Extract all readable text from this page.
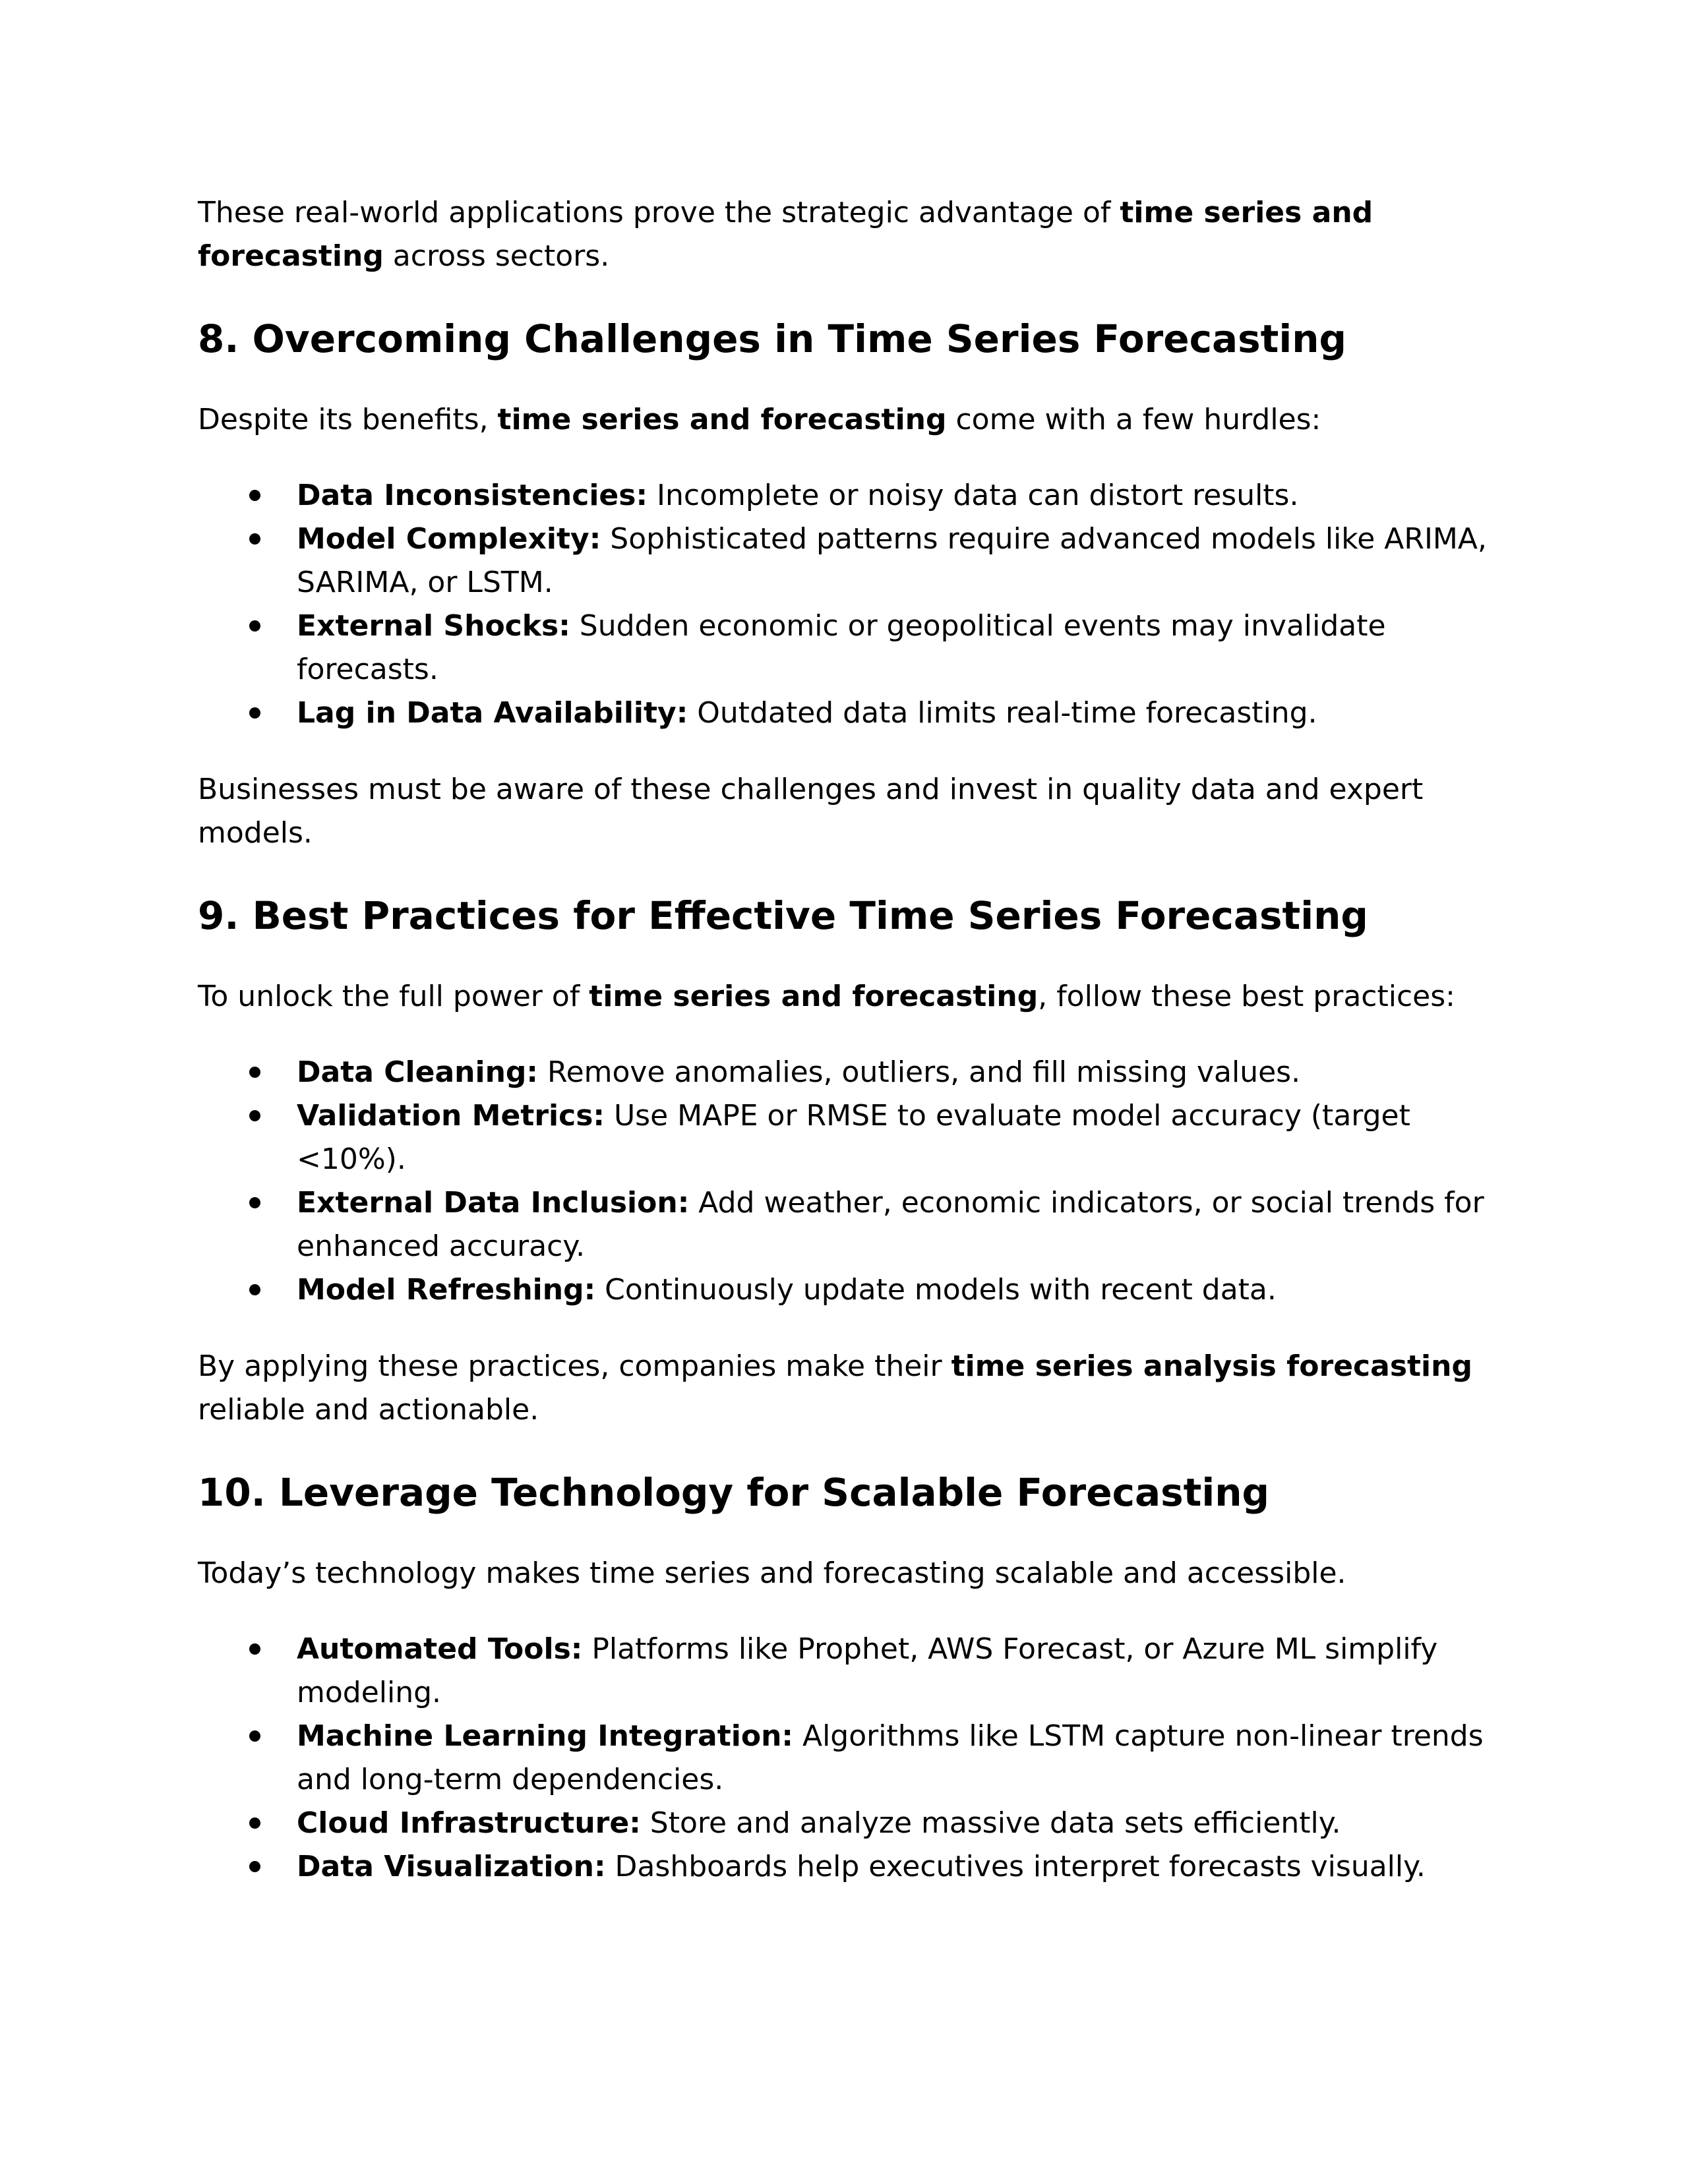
These real-world applications prove the strategic advantage of time series and forecasting across sectors.

8. Overcoming Challenges in Time Series Forecasting

Despite its benefits, time series and forecasting come with a few hurdles:

Data Inconsistencies: Incomplete or noisy data can distort results.
Model Complexity: Sophisticated patterns require advanced models like ARIMA, SARIMA, or LSTM.
External Shocks: Sudden economic or geopolitical events may invalidate forecasts.
Lag in Data Availability: Outdated data limits real-time forecasting.

Businesses must be aware of these challenges and invest in quality data and expert models.

9. Best Practices for Effective Time Series Forecasting

To unlock the full power of time series and forecasting, follow these best practices:

Data Cleaning: Remove anomalies, outliers, and fill missing values.
Validation Metrics: Use MAPE or RMSE to evaluate model accuracy (target <10%).
External Data Inclusion: Add weather, economic indicators, or social trends for enhanced accuracy.
Model Refreshing: Continuously update models with recent data.

By applying these practices, companies make their time series analysis forecasting reliable and actionable.

10. Leverage Technology for Scalable Forecasting

Today’s technology makes time series and forecasting scalable and accessible.

Automated Tools: Platforms like Prophet, AWS Forecast, or Azure ML simplify modeling.
Machine Learning Integration: Algorithms like LSTM capture non-linear trends and long-term dependencies.
Cloud Infrastructure: Store and analyze massive data sets efficiently.
Data Visualization: Dashboards help executives interpret forecasts visually.
